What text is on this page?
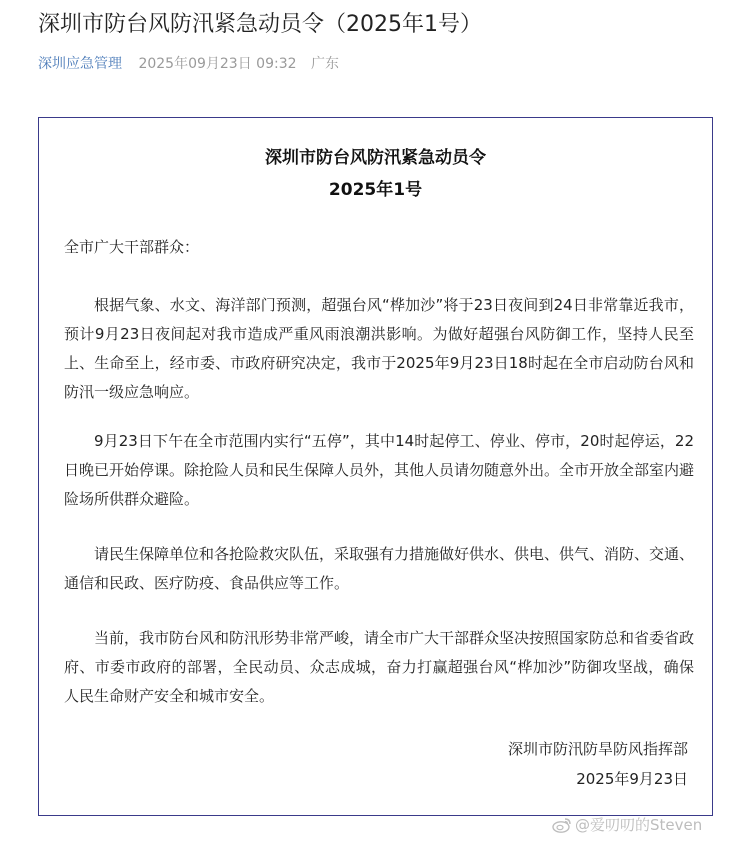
深圳市防台风防汛紧急动员令（2025年1号）
深圳应急管理 2025年09月23日 09:32 广东

深圳市防台风防汛紧急动员令

2025年1号

全市广大干部群众：

根据气象、水文、海洋部门预测，超强台风“桦加沙”将于23日夜间到24日非常靠近我市，预计9月23日夜间起对我市造成严重风雨浪潮洪影响。为做好超强台风防御工作，坚持人民至上、生命至上，经市委、市政府研究决定，我市于2025年9月23日18时起在全市启动防台风和防汛一级应急响应。

9月23日下午在全市范围内实行“五停”，其中14时起停工、停业、停市，20时起停运，22日晚已开始停课。除抢险人员和民生保障人员外，其他人员请勿随意外出。全市开放全部室内避险场所供群众避险。

请民生保障单位和各抢险救灾队伍，采取强有力措施做好供水、供电、供气、消防、交通、通信和民政、医疗防疫、食品供应等工作。

当前，我市防台风和防汛形势非常严峻，请全市广大干部群众坚决按照国家防总和省委省政府、市委市政府的部署，全民动员、众志成城，奋力打赢超强台风“桦加沙”防御攻坚战，确保人民生命财产安全和城市安全。

深圳市防汛防旱防风指挥部

2025年9月23日

@爱叨叨的Steven
